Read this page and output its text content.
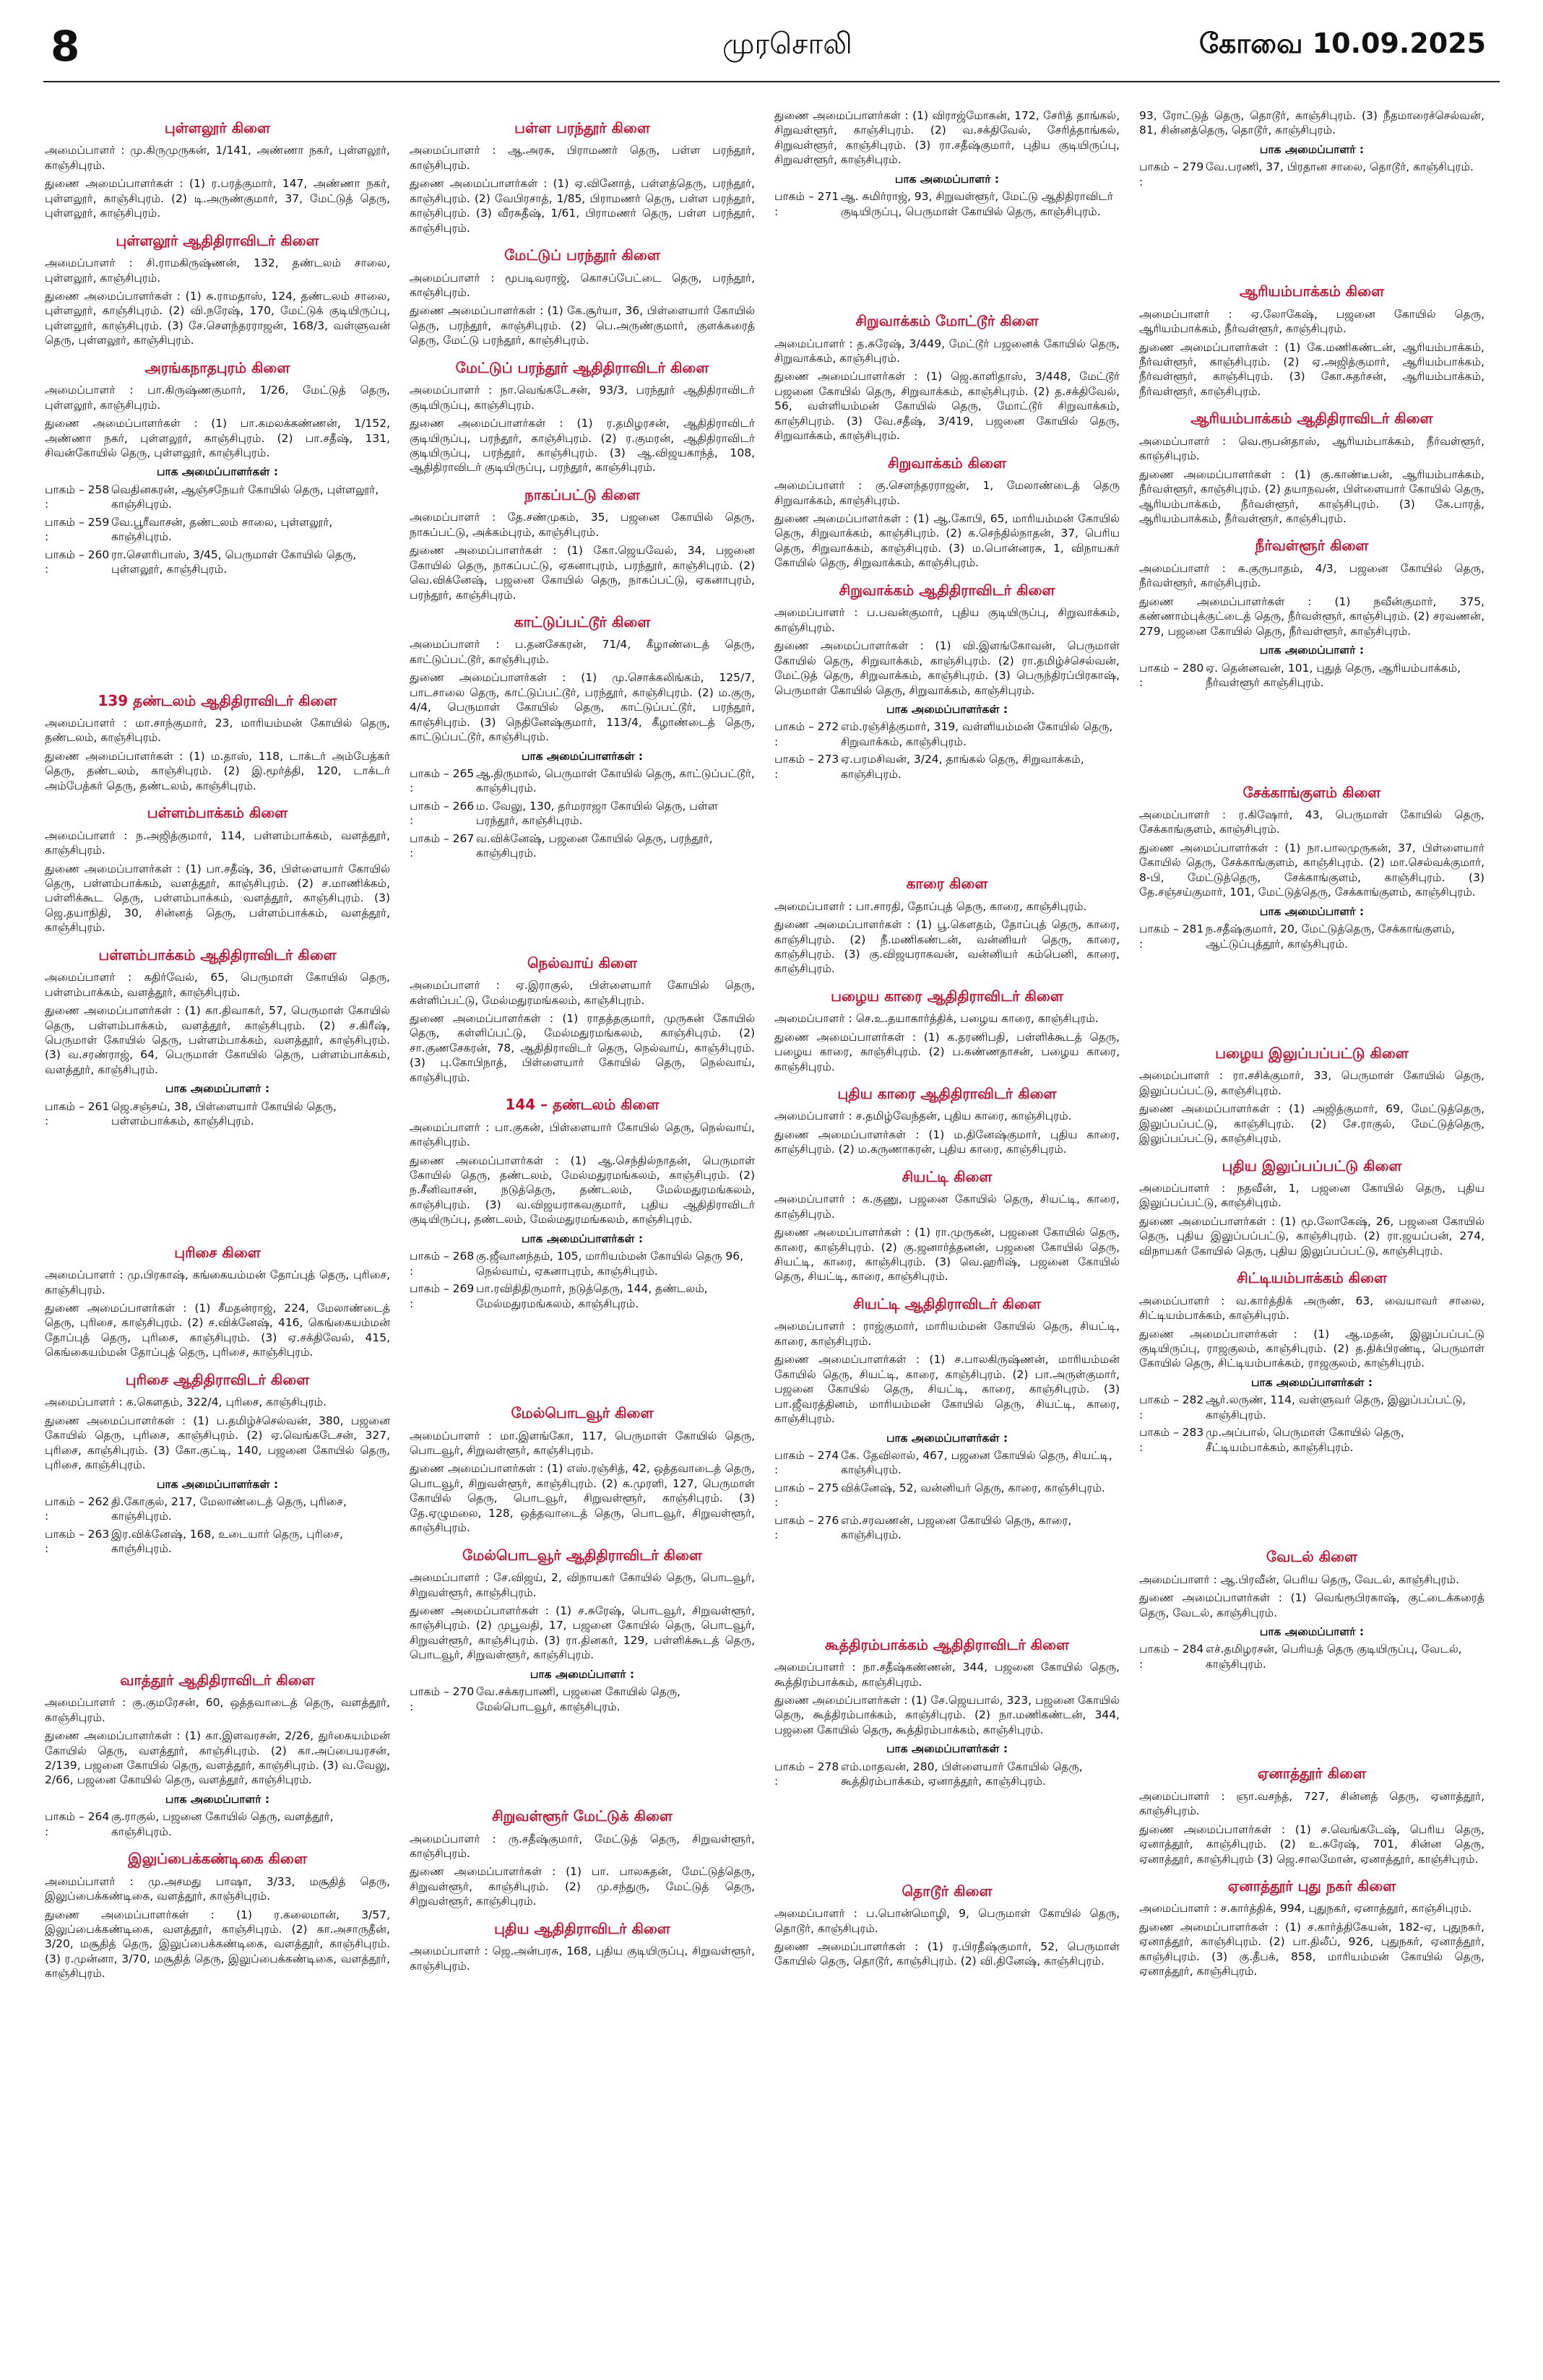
8	முரசொலி	கோவை 10.09.2025
புள்ளலூர் கிளை
அமைப்பாளர் : மு.கிருமுருகன், 1/141, அண்ணா நகர், புள்ளலூர், காஞ்சிபுரம்.
துணை அமைப்பாளர்கள் : (1) ர.பரத்குமார், 147, அண்ணா நகர், புள்ளலூர், காஞ்சிபுரம். (2) டி.அருண்குமார், 37, மேட்டுத் தெரு, புள்ளலூர், காஞ்சிபுரம்.
புள்ளலூர் ஆதிதிராவிடர் கிளை
அமைப்பாளர் : சி.ராமகிருஷ்ணன், 132, தண்டலம் சாலை, புள்ளலூர், காஞ்சிபுரம்.
துணை அமைப்பாளர்கள் : (1) சு.ராமதாஸ், 124, தண்டலம் சாலை, புள்ளலூர், காஞ்சிபுரம். (2) வி.நரேஷ், 170, மேட்டுக் குடியிருப்பு, புள்ளலூர், காஞ்சிபுரம். (3) சே.சௌந்தரராஜன், 168/3, வள்ளுவன் தெரு, புள்ளலூர், காஞ்சிபுரம்.
அரங்கநாதபுரம் கிளை
அமைப்பாளர் : பா.கிருஷ்ணகுமார், 1/26, மேட்டுத் தெரு, புள்ளலூர், காஞ்சிபுரம்.
துணை அமைப்பாளர்கள் : (1) பா.கமலக்கண்ணன், 1/152, அண்ணா நகர், புள்ளலூர், காஞ்சிபுரம். (2) பா.சதீஷ், 131, சிவன்கோயில் தெரு, புள்ளலூர், காஞ்சிபுரம்.
பாக அமைப்பாளர்கள் :
பாகம் – 258 :
வெதினகரன், ஆஞ்சநேயர் கோயில் தெரு, புள்ளலூர், காஞ்சிபுரம்.
பாகம் – 259 :
வே.பூரீவாசன், தண்டலம் சாலை, புள்ளலூர், காஞ்சிபுரம்.
பாகம் – 260 :
ரா.சௌரிபாஸ், 3/45, பெருமாள் கோயில் தெரு, புள்ளலூர், காஞ்சிபுரம்.
139 தண்டலம் ஆதிதிராவிடர் கிளை
அமைப்பாளர் : மா.சாந்குமார், 23, மாரியம்மன் கோயில் தெரு, தண்டலம், காஞ்சிபுரம்.
துணை அமைப்பாளர்கள் : (1) ம.தாஸ், 118, டாக்டர் அம்பேத்கர் தெரு, தண்டலம், காஞ்சிபுரம். (2) இ.மூர்த்தி, 120, டாக்டர் அம்பேத்கர் தெரு, தண்டலம், காஞ்சிபுரம்.
பள்ளம்பாக்கம் கிளை
அமைப்பாளர் : ந.அஜித்குமார், 114, பள்ளம்பாக்கம், வளத்தூர், காஞ்சிபுரம்.
துணை அமைப்பாளர்கள் : (1) பா.சதீஷ், 36, பிள்ளையார் கோயில் தெரு, பள்ளம்பாக்கம், வளத்தூர், காஞ்சிபுரம். (2) ச.மாணிக்கம், பள்ளிக்கூட தெரு, பள்ளம்பாக்கம், வளத்தூர், காஞ்சிபுரம். (3) ஜெ.தயாநிதி, 30, சின்னத் தெரு, பள்ளம்பாக்கம், வளத்தூர், காஞ்சிபுரம்.
பள்ளம்பாக்கம் ஆதிதிராவிடர் கிளை
அமைப்பாளர் : கதிர்வேல், 65, பெருமாள் கோயில் தெரு, பள்ளம்பாக்கம், வளத்தூர், காஞ்சிபுரம்.
துணை அமைப்பாளர்கள் : (1) கா.திவாகர், 57, பெருமாள் கோயில் தெரு, பள்ளம்பாக்கம், வளத்தூர், காஞ்சிபுரம். (2) ச.கிரீஷ், பெருமாள் கோயில் தெரு, பள்ளம்பாக்கம், வளத்தூர், காஞ்சிபுரம். (3) வ.சரண்ராஜ், 64, பெருமாள் கோயில் தெரு, பள்ளம்பாக்கம், வளத்தூர், காஞ்சிபுரம்.
பாக அமைப்பாளர் :
பாகம் – 261 :
ஜெ.சஞ்சய், 38, பிள்ளையார் கோயில் தெரு, பள்ளம்பாக்கம், காஞ்சிபுரம்.
புரிசை கிளை
அமைப்பாளர் : மு.பிரகாஷ், கங்கையம்மன் தோப்புத் தெரு, புரிசை, காஞ்சிபுரம்.
துணை அமைப்பாளர்கள் : (1) சீமதன்ராஜ், 224, மேலாண்டைத் தெரு, புரிசை, காஞ்சிபுரம். (2) ச.விக்னேஷ், 416, கெங்கையம்மன் தோப்புத் தெரு, புரிசை, காஞ்சிபுரம். (3) ஏ.சக்திவேல், 415, கெங்கையம்மன் தோப்புத் தெரு, புரிசை, காஞ்சிபுரம்.
புரிசை ஆதிதிராவிடர் கிளை
அமைப்பாளர் : க.கௌதம், 322/4, புரிசை, காஞ்சிபுரம்.
துணை அமைப்பாளர்கள் : (1) ப.தமிழ்ச்செல்வன், 380, பஜனை கோயில் தெரு, புரிசை, காஞ்சிபுரம். (2) ஏ.வெங்கடேசன், 327, புரிசை, காஞ்சிபுரம். (3) கோ.குட்டி, 140, பஜனை கோயில் தெரு, புரிசை, காஞ்சிபுரம்.
பாக அமைப்பாளர்கள் :
பாகம் – 262 :
தி.கோகுல், 217, மேலாண்டைத் தெரு, புரிசை, காஞ்சிபுரம்.
பாகம் – 263 :
இர.விக்னேஷ், 168, உடையார் தெரு, புரிசை, காஞ்சிபுரம்.
வாத்தூர் ஆதிதிராவிடர் கிளை
அமைப்பாளர் : கு.குமரேசன், 60, ஒத்தவாடைத் தெரு, வளத்தூர், காஞ்சிபுரம்.
துணை அமைப்பாளர்கள் : (1) கா.இளவரசன், 2/26, துர்கையம்மன் கோயில் தெரு, வளத்தூர், காஞ்சிபுரம். (2) கா.அப்பையரசன், 2/139, பஜனை கோயில் தெரு, வளத்தூர், காஞ்சிபுரம். (3) வ.வேலு, 2/66, பஜனை கோயில் தெரு, வளத்தூர், காஞ்சிபுரம்.
பாக அமைப்பாளர் :
பாகம் – 264 :
கு.ராகுல், பஜனை கோயில் தெரு, வளத்தூர், காஞ்சிபுரம்.
இலுப்பைக்கண்டிகை கிளை
அமைப்பாளர் : மு.அசமது பாஷா, 3/33, மசூதித் தெரு, இலுப்பைக்கண்டிகை, வளத்தூர், காஞ்சிபுரம்.
துணை அமைப்பாளர்கள் : (1) ர.கலைமான், 3/57, இலுப்பைக்கண்டிகை, வளத்தூர், காஞ்சிபுரம். (2) கா.அசாருதீன், 3/20, மசூதித் தெரு, இலுப்பைக்கண்டிகை, வளத்தூர், காஞ்சிபுரம். (3) ர.முன்னா, 3/70, மசூதித் தெரு, இலுப்பைக்கண்டிகை, வளத்தூர், காஞ்சிபுரம்.
பள்ள பரந்தூர் கிளை
அமைப்பாளர் : ஆ.அரசு, பிராமணர் தெரு, பள்ள பரந்தூர், காஞ்சிபுரம்.
துணை அமைப்பாளர்கள் : (1) ஏ.வினோத், பள்ளத்தெரு, பரந்தூர், காஞ்சிபுரம். (2) வேபிரசாத், 1/85, பிராமணர் தெரு, பள்ள பரந்தூர், காஞ்சிபுரம். (3) வீரசுதீஷ், 1/61, பிராமணர் தெரு, பள்ள பரந்தூர், காஞ்சிபுரம்.
மேட்டுப் பரந்தூர் கிளை
அமைப்பாளர் : மூபடிவராஜ், கொசப்பேட்டை தெரு, பரந்தூர், காஞ்சிபுரம்.
துணை அமைப்பாளர்கள் : (1) கே.சூர்யா, 36, பிள்ளையார் கோயில் தெரு, பரந்தூர், காஞ்சிபுரம். (2) பெ.அருண்குமார், குளக்கரைத் தெரு, மேட்டு பரந்தூர், காஞ்சிபுரம்.
மேட்டுப் பரந்தூர் ஆதிதிராவிடர் கிளை
அமைப்பாளர் : நா.வெங்கடேசன், 93/3, பரந்தூர் ஆதிதிராவிடர் குடியிருப்பு, காஞ்சிபுரம்.
துணை அமைப்பாளர்கள் : (1) ர.தமிழரசன், ஆதிதிராவிடர் குடியிருப்பு, பரந்தூர், காஞ்சிபுரம். (2) ர.குமரன், ஆதிதிராவிடர் குடியிருப்பு, பரந்தூர், காஞ்சிபுரம். (3) ஆ.விஜயகாந்த், 108, ஆதிதிராவிடர் குடியிருப்பு, பரந்தூர், காஞ்சிபுரம்.
நாகப்பட்டு கிளை
அமைப்பாளர் : தே.சண்முகம், 35, பஜனை கோயில் தெரு, நாகப்பட்டு, அக்கம்புரம், காஞ்சிபுரம்.
துணை அமைப்பாளர்கள் : (1) கோ.ஜெயவேல், 34, பஜனை கோயில் தெரு, நாகப்பட்டு, ஏகனாபுரம், பரந்தூர், காஞ்சிபுரம். (2) வெ.விக்னேஷ், பஜனை கோயில் தெரு, நாகப்பட்டு, ஏகனாபுரம், பரந்தூர், காஞ்சிபுரம்.
காட்டுப்பட்டூர் கிளை
அமைப்பாளர் : ப.தனசேகரன், 71/4, கீழாண்டைத் தெரு, காட்டுப்பட்டூர், காஞ்சிபுரம்.
துணை அமைப்பாளர்கள் : (1) மு.சொக்கலிங்கம், 125/7, பாடசாலை தெரு, காட்டுப்பட்டூர், பரந்தூர், காஞ்சிபுரம். (2) ம.குரு, 4/4, பெருமாள் கோயில் தெரு, காட்டுப்பட்டூர், பரந்தூர், காஞ்சிபுரம். (3) நெதினேஷ்குமார், 113/4, கீழாண்டைத் தெரு, காட்டுப்பட்டூர், காஞ்சிபுரம்.
பாக அமைப்பாளர்கள் :
பாகம் – 265 :
ஆ.திருமால், பெருமாள் கோயில் தெரு, காட்டுப்பட்டூர், காஞ்சிபுரம்.
பாகம் – 266 :
ம. வேலு, 130, தர்மராஜா கோயில் தெரு, பள்ள பரந்தூர், காஞ்சிபுரம்.
பாகம் – 267 :
வ.விக்னேஷ், பஜனை கோயில் தெரு, பரந்தூர், காஞ்சிபுரம்.
நெல்வாய் கிளை
அமைப்பாளர் : ஏ.இராகுல், பிள்ளையார் கோயில் தெரு, கள்ளிப்பட்டு, மேல்மதுரமங்கலம், காஞ்சிபுரம்.
துணை அமைப்பாளர்கள் : (1) ராதத்தகுமார், முருகன் கோயில் தெரு, கள்ளிப்பட்டு, மேல்மதுரமங்கலம், காஞ்சிபுரம். (2) சா.குணசேகரன், 78, ஆதிதிராவிடர் தெரு, நெல்வாய், காஞ்சிபுரம். (3) பு.கோபிநாத், பிள்ளையார் கோயில் தெரு, நெல்வாய், காஞ்சிபுரம்.
144 – தண்டலம் கிளை
அமைப்பாளர் : பா.குகன், பிள்ளையார் கோயில் தெரு, நெல்வாய், காஞ்சிபுரம்.
துணை அமைப்பாளர்கள் : (1) ஆ.செந்தில்நாதன், பெருமாள் கோயில் தெரு, தண்டலம், மேல்மதுரமங்கலம், காஞ்சிபுரம். (2) ந.சீனிவாசன், நடுத்தெரு, தண்டலம், மேல்மதுரமங்கலம், காஞ்சிபுரம். (3) வ.விஜயராகவகுமார், புதிய ஆதிதிராவிடர் குடியிருப்பு, தண்டலம், மேல்மதுரமங்கலம், காஞ்சிபுரம்.
பாக அமைப்பாளர்கள் :
பாகம் – 268 :
கு.ஜீவானந்தம், 105, மாரியம்மன் கோயில் தெரு 96, நெல்வாய், ஏகனாபுரம், காஞ்சிபுரம்.
பாகம் – 269 :
பா.ரவிதிதிருமார், நடுத்தெரு, 144, தண்டலம், மேல்மதுரமங்கலம், காஞ்சிபுரம்.
மேல்பொடவூர் கிளை
அமைப்பாளர் : மா.இளங்கோ, 117, பெருமாள் கோயில் தெரு, பொடவூர், சிறுவள்ளூர், காஞ்சிபுரம்.
துணை அமைப்பாளர்கள் : (1) எஸ்.ரஞ்சித், 42, ஒத்தவாடைத் தெரு, பொடவூர், சிறுவள்ளூர், காஞ்சிபுரம். (2) க.முரளி, 127, பெருமாள் கோயில் தெரு, பொடவூர், சிறுவள்ளூர், காஞ்சிபுரம். (3) தே.ஏழுமலை, 128, ஒத்தவாடைத் தெரு, பொடவூர், சிறுவள்ளூர், காஞ்சிபுரம்.
மேல்பொடவூர் ஆதிதிராவிடர் கிளை
அமைப்பாளர் : சே.விஜய், 2, விநாயகர் கோயில் தெரு, பொடவூர், சிறுவள்ளூர், காஞ்சிபுரம்.
துணை அமைப்பாளர்கள் : (1) ச.சுரேஷ், பொடவூர், சிறுவள்ளூர், காஞ்சிபுரம். (2) முபூவதி, 17, பஜனை கோயில் தெரு, பொடவூர், சிறுவள்ளூர், காஞ்சிபுரம். (3) ரா.தினகர், 129, பள்ளிக்கூடத் தெரு, பொடவூர், சிறுவள்ளூர், காஞ்சிபுரம்.
பாக அமைப்பாளர் :
பாகம் – 270 :
வே.சக்கரபாணி, பஜனை கோயில் தெரு, மேல்பொடவூர், காஞ்சிபுரம்.
சிறுவள்ளூர் மேட்டுக் கிளை
அமைப்பாளர் : ரு.சதீஷ்குமார், மேட்டுத் தெரு, சிறுவள்ளூர், காஞ்சிபுரம்.
துணை அமைப்பாளர்கள் : (1) பா. பாலசுதன், மேட்டுத்தெரு, சிறுவள்ளூர், காஞ்சிபுரம். (2) மு.சந்துரு, மேட்டுத் தெரு, சிறுவள்ளூர், காஞ்சிபுரம்.
புதிய ஆதிதிராவிடர் கிளை
அமைப்பாளர் : ஜெ.அன்பரசு, 168, புதிய குடியிருப்பு, சிறுவள்ளூர், காஞ்சிபுரம்.
துணை அமைப்பாளர்கள் : (1) விராஜ்மோகன், 172, சேரித் தாங்கல், சிறுவள்ளூர், காஞ்சிபுரம். (2) வ.சக்திவேல், சேரித்தாங்கல், சிறுவள்ளூர், காஞ்சிபுரம். (3) ரா.சதீஷ்குமார், புதிய குடியிருப்பு, சிறுவள்ளூர், காஞ்சிபுரம்.
பாக அமைப்பாளர் :
பாகம் – 271 :
ஆ. சுமிர்ராஜ், 93, சிறுவள்ளூர், மேட்டு ஆதிதிராவிடர் குடியிருப்பு, பெருமாள் கோயில் தெரு, காஞ்சிபுரம்.
சிறுவாக்கம் மோட்டூர் கிளை
அமைப்பாளர் : த.சுரேஷ், 3/449, மேட்டூர் பஜனைக் கோயில் தெரு, சிறுவாக்கம், காஞ்சிபுரம்.
துணை அமைப்பாளர்கள் : (1) ஜெ.காளிதாஸ், 3/448, மேட்டூர் பஜனை கோயில் தெரு, சிறுவாக்கம், காஞ்சிபுரம். (2) த.சக்திவேல், 56, வள்ளியம்மன் கோயில் தெரு, மோட்டூர் சிறுவாக்கம், காஞ்சிபுரம். (3) வே.சதீஷ், 3/419, பஜனை கோயில் தெரு, சிறுவாக்கம், காஞ்சிபுரம்.
சிறுவாக்கம் கிளை
அமைப்பாளர் : கு.சௌந்தரராஜன், 1, மேலாண்டைத் தெரு சிறுவாக்கம், காஞ்சிபுரம்.
துணை அமைப்பாளர்கள் : (1) ஆ.கோபி, 65, மாரியம்மன் கோயில் தெரு, சிறுவாக்கம், காஞ்சிபுரம். (2) க.செந்தில்நாதன், 37, பெரிய தெரு, சிறுவாக்கம், காஞ்சிபுரம். (3) ம.பொன்னரசு, 1, விநாயகர் கோயில் தெரு, சிறுவாக்கம், காஞ்சிபுரம்.
சிறுவாக்கம் ஆதிதிராவிடர் கிளை
அமைப்பாளர் : ப.பவன்குமார், புதிய குடியிருப்பு, சிறுவாக்கம், காஞ்சிபுரம்.
துணை அமைப்பாளர்கள் : (1) வி.இளங்கோவன், பெருமாள் கோயில் தெரு, சிறுவாக்கம், காஞ்சிபுரம். (2) ரா.தமிழ்ச்செல்வன், மேட்டுத் தெரு, சிறுவாக்கம், காஞ்சிபுரம். (3) பெருந்திரப்பிரகாஷ், பெருமாள் கோயில் தெரு, சிறுவாக்கம், காஞ்சிபுரம்.
பாக அமைப்பாளர்கள் :
பாகம் – 272 :
எம்.ரஞ்சித்குமார், 319, வள்ளியம்மன் கோயில் தெரு, சிறுவாக்கம், காஞ்சிபுரம்.
பாகம் – 273 :
ஏ.பரமசிவன், 3/24, தாங்கல் தெரு, சிறுவாக்கம், காஞ்சிபுரம்.
காரை கிளை
அமைப்பாளர் : பா.சாரதி, தோப்புத் தெரு, காரை, காஞ்சிபுரம்.
துணை அமைப்பாளர்கள் : (1) பூ.கௌதம், தோப்புத் தெரு, காரை, காஞ்சிபுரம். (2) நீ.மணிகண்டன், வன்னியர் தெரு, காரை, காஞ்சிபுரம். (3) கு.விஜயராகவன், வன்னியர் கம்பெனி, காரை, காஞ்சிபுரம்.
பழைய காரை ஆதிதிராவிடர் கிளை
அமைப்பாளர் : செ.உ.தயாகார்த்திக், பழைய காரை, காஞ்சிபுரம்.
துணை அமைப்பாளர்கள் : (1) க.தரணிபதி, பள்ளிக்கூடத் தெரு, பழைய காரை, காஞ்சிபுரம். (2) ப.கண்ணதாசன், பழைய காரை, காஞ்சிபுரம்.
புதிய காரை ஆதிதிராவிடர் கிளை
அமைப்பாளர் : ச.தமிழ்வேந்தன், புதிய காரை, காஞ்சிபுரம்.
துணை அமைப்பாளர்கள் : (1) ம.தினேஷ்குமார், புதிய காரை, காஞ்சிபுரம். (2) ம.கருணாகரன், புதிய காரை, காஞ்சிபுரம்.
சியட்டி கிளை
அமைப்பாளர் : க.குணு, பஜனை கோயில் தெரு, சியட்டி, காரை, காஞ்சிபுரம்.
துணை அமைப்பாளர்கள் : (1) ரா.முருகன், பஜனை கோயில் தெரு, காரை, காஞ்சிபுரம். (2) கு.ஜனார்த்தனன், பஜனை கோயில் தெரு, சியட்டி, காரை, காஞ்சிபுரம். (3) வெ.ஹரிஷ், பஜனை கோயில் தெரு, சியட்டி, காரை, காஞ்சிபுரம்.
சியட்டி ஆதிதிராவிடர் கிளை
அமைப்பாளர் : ராஜ்குமார், மாரியம்மன் கோயில் தெரு, சியட்டி, காரை, காஞ்சிபுரம்.
துணை அமைப்பாளர்கள் : (1) ச.பாலகிருஷ்ணன், மாரியம்மன் கோயில் தெரு, சியட்டி, காரை, காஞ்சிபுரம். (2) பா.அருள்குமார், பஜனை கோயில் தெரு, சியட்டி, காரை, காஞ்சிபுரம். (3) பா.ஜீவரத்தினம், மாரியம்மன் கோயில் தெரு, சியட்டி, காரை, காஞ்சிபுரம்.
பாக அமைப்பாளர்கள் :
பாகம் – 274 :
கே. தேவிலால், 467, பஜனை கோயில் தெரு, சியட்டி, காஞ்சிபுரம்.
பாகம் – 275 :
விக்னேஷ், 52, வன்னியர் தெரு, காரை, காஞ்சிபுரம்.
பாகம் – 276 :
எம்.சரவணன், பஜனை கோயில் தெரு, காரை, காஞ்சிபுரம்.
கூத்திரம்பாக்கம் ஆதிதிராவிடர் கிளை
அமைப்பாளர் : நா.சதீஷ்கண்ணன், 344, பஜனை கோயில் தெரு, கூத்திரம்பாக்கம், காஞ்சிபுரம்.
துணை அமைப்பாளர்கள் : (1) சே.ஜெயபால், 323, பஜனை கோயில் தெரு, கூத்திரம்பாக்கம், காஞ்சிபுரம். (2) நா.மணிகண்டன், 344, பஜனை கோயில் தெரு, கூத்திரம்பாக்கம், காஞ்சிபுரம்.
பாக அமைப்பாளர்கள் :
பாகம் – 278 :
எம்.மாதவன், 280, பிள்ளையார் கோயில் தெரு, கூத்திரம்பாக்கம், ஏனாத்தூர், காஞ்சிபுரம்.
தொடூர் கிளை
அமைப்பாளர் : ப.பொன்மொழி, 9, பெருமாள் கோயில் தெரு, தொடூர், காஞ்சிபுரம்.
துணை அமைப்பாளர்கள் : (1) ர.பிரதீஷ்குமார், 52, பெருமாள் கோயில் தெரு, தொடூர், காஞ்சிபுரம். (2) வி.தினேஷ், காஞ்சிபுரம்.
93, ரோட்டுத் தெரு, தொடூர், காஞ்சிபுரம். (3) நீதமாரைச்செல்வன், 81, சின்னத்தெரு, தொடூர், காஞ்சிபுரம்.
பாக அமைப்பாளர் :
பாகம் – 279 :
வே.பரணி, 37, பிரதான சாலை, தொடூர், காஞ்சிபுரம்.
ஆரியம்பாக்கம் கிளை
அமைப்பாளர் : ஏ.லோகேஷ், பஜனை கோயில் தெரு, ஆரியம்பாக்கம், நீர்வள்ளூர், காஞ்சிபுரம்.
துணை அமைப்பாளர்கள் : (1) கே.மணிகண்டன், ஆரியம்பாக்கம், நீர்வள்ளூர், காஞ்சிபுரம். (2) ஏ.அஜித்குமார், ஆரியம்பாக்கம், நீர்வள்ளூர், காஞ்சிபுரம். (3) கோ.சுதர்சன், ஆரியம்பாக்கம், நீர்வள்ளூர், காஞ்சிபுரம்.
ஆரியம்பாக்கம் ஆதிதிராவிடர் கிளை
அமைப்பாளர் : வெ.ரூபன்தாஸ், ஆரியம்பாக்கம், நீர்வள்ளூர், காஞ்சிபுரம்.
துணை அமைப்பாளர்கள் : (1) கு.காண்டீபன், ஆரியம்பாக்கம், நீர்வள்ளூர், காஞ்சிபுரம். (2) தயாநவன், பிள்ளையார் கோயில் தெரு, ஆரியம்பாக்கம், நீர்வள்ளூர், காஞ்சிபுரம். (3) கே.பாரத், ஆரியம்பாக்கம், நீர்வள்ளூர், காஞ்சிபுரம்.
நீர்வள்ளூர் கிளை
அமைப்பாளர் : க.குருபாதம், 4/3, பஜனை கோயில் தெரு, நீர்வள்ளூர், காஞ்சிபுரம்.
துணை அமைப்பாளர்கள் : (1) நவீன்குமார், 375, கண்ணாம்புக்குட்டைத் தெரு, நீர்வள்ளூர், காஞ்சிபுரம். (2) சரவணன், 279, பஜனை கோயில் தெரு, நீர்வள்ளூர், காஞ்சிபுரம்.
பாக அமைப்பாளர் :
பாகம் – 280 :
ஏ. தென்னவன், 101, புதுத் தெரு, ஆரியம்பாக்கம், நீர்வள்ளூர் காஞ்சிபுரம்.
சேக்காங்குளம் கிளை
அமைப்பாளர் : ர.கிஷோர், 43, பெருமாள் கோயில் தெரு, சேக்காங்குளம், காஞ்சிபுரம்.
துணை அமைப்பாளர்கள் : (1) நா.பாலமுருகன், 37, பிள்ளையார் கோயில் தெரு, சேக்காங்குளம், காஞ்சிபுரம். (2) மா.செல்வக்குமார், 8-பி, மேட்டுத்தெரு, சேக்காங்குளம், காஞ்சிபுரம். (3) தே.சஞ்சய்குமார், 101, மேட்டுத்தெரு, சேக்காங்குளம், காஞ்சிபுரம்.
பாக அமைப்பாளர் :
பாகம் – 281 :
ந.சதீஷ்குமார், 20, மேட்டுத்தெரு, சேக்காங்குளம், ஆட்டுப்புத்தூர், காஞ்சிபுரம்.
பழைய இலுப்பப்பட்டு கிளை
அமைப்பாளர் : ரா.சசிக்குமார், 33, பெருமாள் கோயில் தெரு, இலுப்பப்பட்டு, காஞ்சிபுரம்.
துணை அமைப்பாளர்கள் : (1) அஜித்குமார், 69, மேட்டுத்தெரு, இலுப்பப்பட்டு, காஞ்சிபுரம். (2) சே.ராகுல், மேட்டுத்தெரு, இலுப்பப்பட்டு, காஞ்சிபுரம்.
புதிய இலுப்பப்பட்டு கிளை
அமைப்பாளர் : நதவீன், 1, பஜனை கோயில் தெரு, புதிய இலுப்பப்பட்டு, காஞ்சிபுரம்.
துணை அமைப்பாளர்கள் : (1) மூ.லோகேஷ், 26, பஜனை கோயில் தெரு, புதிய இலுப்பப்பட்டு, காஞ்சிபுரம். (2) ரா.ஜயப்பன், 274, விநாயகர் கோயில் தெரு, புதிய இலுப்பப்பட்டு, காஞ்சிபுரம்.
சிட்டியம்பாக்கம் கிளை
அமைப்பாளர் : வ.கார்த்திக் அருண், 63, வையாவர் சாலை, சிட்டியம்பாக்கம், காஞ்சிபுரம்.
துணை அமைப்பாளர்கள் : (1) ஆ.மதன், இலுப்பப்பட்டு குடியிருப்பு, ராஜகுலம், காஞ்சிபுரம். (2) த.திக்பிரண்டி, பெருமாள் கோயில் தெரு, சிட்டியம்பாக்கம், ராஜகுலம், காஞ்சிபுரம்.
பாக அமைப்பாளர்கள் :
பாகம் – 282 :
ஆர்.லருண், 114, வள்ளுவர் தெரு, இலுப்பப்பட்டு, காஞ்சிபுரம்.
பாகம் – 283 :
மு.அப்பால், பெருமாள் கோயில் தெரு, சீட்டியம்பாக்கம், காஞ்சிபுரம்.
வேடல் கிளை
அமைப்பாளர் : ஆ.பிரவீன், பெரிய தெரு, வேடல், காஞ்சிபுரம்.
துணை அமைப்பாளர்கள் : (1) வெங்ரூபிரகாஷ், குட்டைக்கரைத் தெரு, வேடல், காஞ்சிபுரம்.
பாக அமைப்பாளர் :
பாகம் – 284 :
எச்.தமிழரசன், பெரியத் தெரு குடியிருப்பு, வேடல், காஞ்சிபுரம்.
ஏனாத்தூர் கிளை
அமைப்பாளர் : ஞா.வசந்த், 727, சின்னத் தெரு, ஏனாத்தூர், காஞ்சிபுரம்.
துணை அமைப்பாளர்கள் : (1) ச.வெங்கடேஷ், பெரிய தெரு, ஏனாத்தூர், காஞ்சிபுரம். (2) உ.சுரேஷ், 701, சின்ன தெரு, ஏனாத்தூர், காஞ்சிபுரம் (3) ஜெ.சாலமோன், ஏனாத்தூர், காஞ்சிபுரம்.
ஏனாத்தூர் புது நகர் கிளை
அமைப்பாளர் : ச.கார்த்திக், 994, புதுநகர், ஏனாத்தூர், காஞ்சிபுரம்.
துணை அமைப்பாளர்கள் : (1) ச.கார்த்திகேயன், 182-ஏ, புதுநகர், ஏனாத்தூர், காஞ்சிபுரம். (2) பா.திலீப், 926, புதுநகர், ஏனாத்தூர், காஞ்சிபுரம். (3) கு.தீபக், 858, மாரியம்மன் கோயில் தெரு, ஏனாத்தூர், காஞ்சிபுரம்.
